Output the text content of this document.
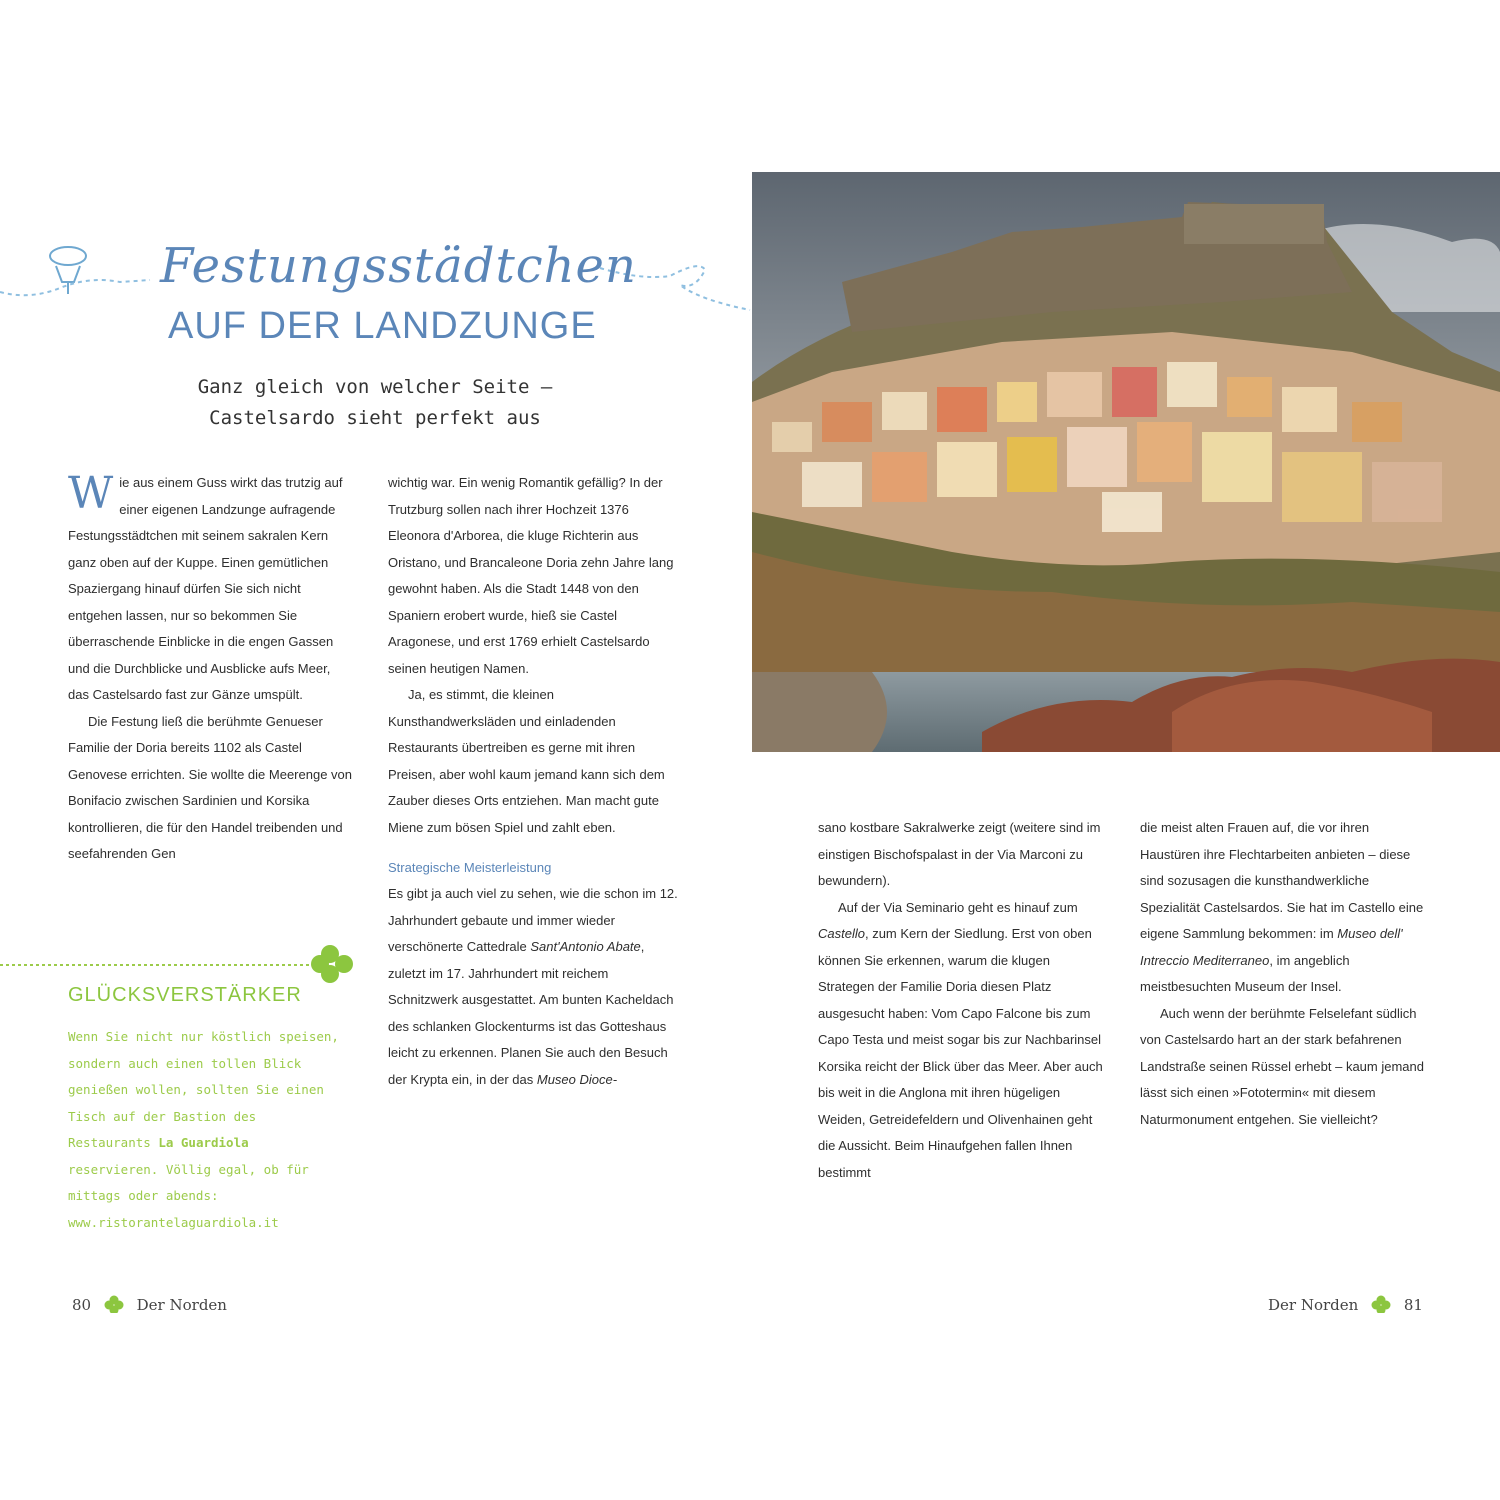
Festungsstädtchen
AUF DER LANDZUNGE
Ganz gleich von welcher Seite –
Castelsardo sieht perfekt aus

Wie aus einem Guss wirkt das trutzig auf einer eigenen Landzunge aufragende Festungsstädtchen mit seinem sakralen Kern ganz oben auf der Kuppe. Einen gemütlichen Spaziergang hinauf dürfen Sie sich nicht entgehen lassen, nur so bekommen Sie überraschende Einblicke in die engen Gassen und die Durchblicke und Ausblicke aufs Meer, das Castelsardo fast zur Gänze umspült.

Die Festung ließ die berühmte Genueser Familie der Doria bereits 1102 als Castel Genovese errichten. Sie wollte die Meerenge von Bonifacio zwischen Sardinien und Korsika kontrollieren, die für den Handel treibenden und seefahrenden Gen

GLÜCKSVERSTÄRKER
Wenn Sie nicht nur köstlich speisen, sondern auch einen tollen Blick genießen wollen, sollten Sie einen Tisch auf der Bastion des Restaurants La Guardiola reservieren. Völlig egal, ob für mittags oder abends:
www.ristorantelaguardiola.it

wichtig war. Ein wenig Romantik gefällig? In der Trutzburg sollen nach ihrer Hochzeit 1376 Eleonora d'Arborea, die kluge Richterin aus Oristano, und Brancaleone Doria zehn Jahre lang gewohnt haben. Als die Stadt 1448 von den Spaniern erobert wurde, hieß sie Castel Aragonese, und erst 1769 erhielt Castelsardo seinen heutigen Namen.

Ja, es stimmt, die kleinen Kunsthandwerksläden und einladenden Restaurants übertreiben es gerne mit ihren Preisen, aber wohl kaum jemand kann sich dem Zauber dieses Orts entziehen. Man macht gute Miene zum bösen Spiel und zahlt eben.

Strategische Meisterleistung

Es gibt ja auch viel zu sehen, wie die schon im 12. Jahrhundert gebaute und immer wieder verschönerte Cattedrale Sant'Antonio Abate, zuletzt im 17. Jahrhundert mit reichem Schnitzwerk ausgestattet. Am bunten Kacheldach des schlanken Glockenturms ist das Gotteshaus leicht zu erkennen. Planen Sie auch den Besuch der Krypta ein, in der das Museo Dioce-

sano kostbare Sakralwerke zeigt (weitere sind im einstigen Bischofspalast in der Via Marconi zu bewundern).

Auf der Via Seminario geht es hinauf zum Castello, zum Kern der Siedlung. Erst von oben können Sie erkennen, warum die klugen Strategen der Familie Doria diesen Platz ausgesucht haben: Vom Capo Falcone bis zum Capo Testa und meist sogar bis zur Nachbarinsel Korsika reicht der Blick über das Meer. Aber auch bis weit in die Anglona mit ihren hügeligen Weiden, Getreidefeldern und Olivenhainen geht die Aussicht. Beim Hinaufgehen fallen Ihnen bestimmt

die meist alten Frauen auf, die vor ihren Haustüren ihre Flechtarbeiten anbieten – diese sind sozusagen die kunsthandwerkliche Spezialität Castelsardos. Sie hat im Castello eine eigene Sammlung bekommen: im Museo dell' Intreccio Mediterraneo, im angeblich meistbesuchten Museum der Insel.

Auch wenn der berühmte Felselefant südlich von Castelsardo hart an der stark befahrenen Landstraße seinen Rüssel erhebt – kaum jemand lässt sich einen »Fototermin« mit diesem Naturmonument entgehen. Sie vielleicht?

80	Der Norden	Der Norden	81
